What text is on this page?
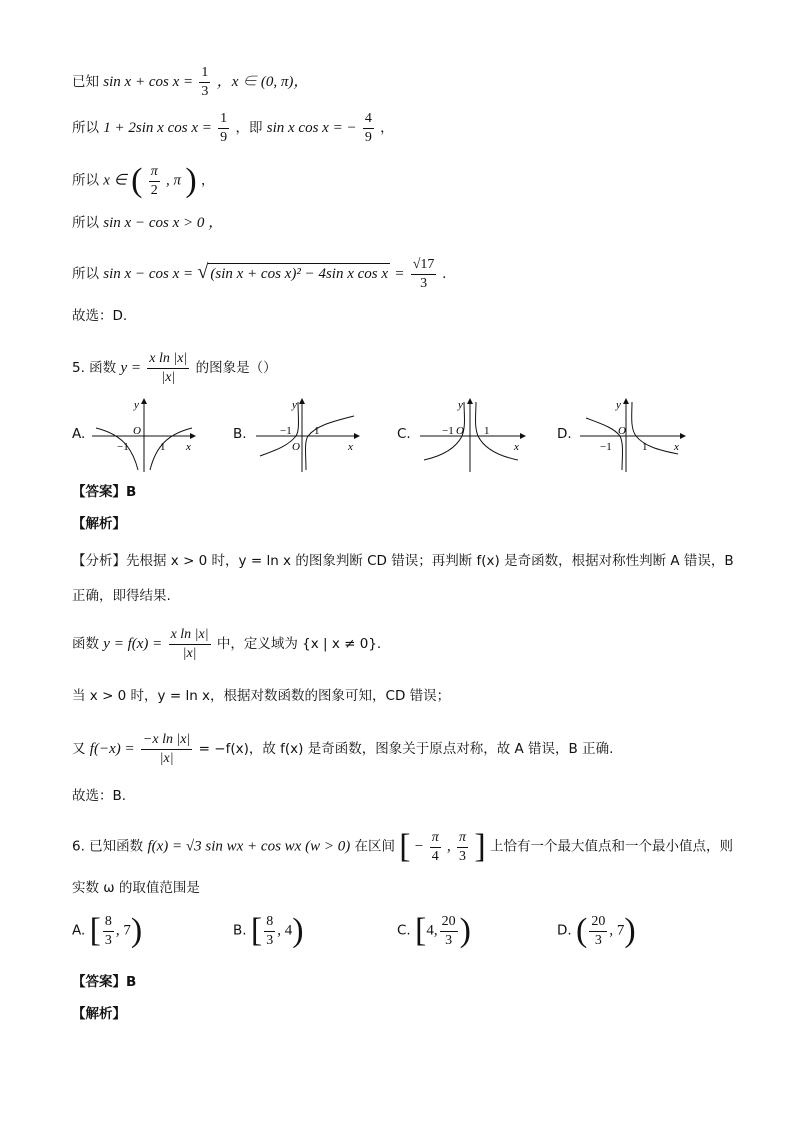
已知 $\sin x + \cos x = \frac{1}{3}$ ，x ∈ (0, π)，
所以 1 + 2sin x $\cos x = \frac{1}{9}$ ，即 sin x cos x = − $\frac{4}{9}$ ，
所以 x ∈ ( $\frac{\pi}{2}$ , π ) ，
所以 sin x − cos x > 0 ，
所以 sin x − cos x = √ (sin x + cos x)² − 4sin x $\cos x = \frac{√17}{3}$ .
故选：D.
5. 函数 $y = \frac{\text{x ln |x|}}{|x|}$ 的图象是（）
A.	B.	C.	D.
y
O
−1	1 x
y
−1
O
1
x
y
−1 O 1
x
y
O
−1	1 x
【答案】B
【解析】
【分析】先根据 x > 0 时，y = ln x 的图象判断 CD 错误；再判断 f(x) 是奇函数，根据对称性判断 A 错误，B
正确，即得结果.
函数 $y = f(x) = \frac{\text{x ln |x|}}{|x|}$ 中，定义域为 {x | x ≠ 0}.
当 x > 0 时，y = ln x，根据对数函数的图象可知，CD 错误；
又 $f(-x) = \frac{\text{−x ln |x|}}{|x|} = -f(x)$，故 f(x) 是奇函数，图象关于原点对称，故 A 错误，B 正确.
故选：B.
6. 已知函数 f(x) = √3 sin wx + cos wx (w > 0) 在区间 [ − $\frac{\pi}{4}$ , $\frac{\pi}{3}$ ] 上恰有一个最大值点和一个最小值点，则
实数 ω 的取值范围是
A. [ $\frac{8}{3}$ , 7)	B. [ $\frac{8}{3}$ , 4)	C. [4, $\frac{20}{3}$ )	D. ( $\frac{20}{3}$ , 7)
【答案】B
【解析】
